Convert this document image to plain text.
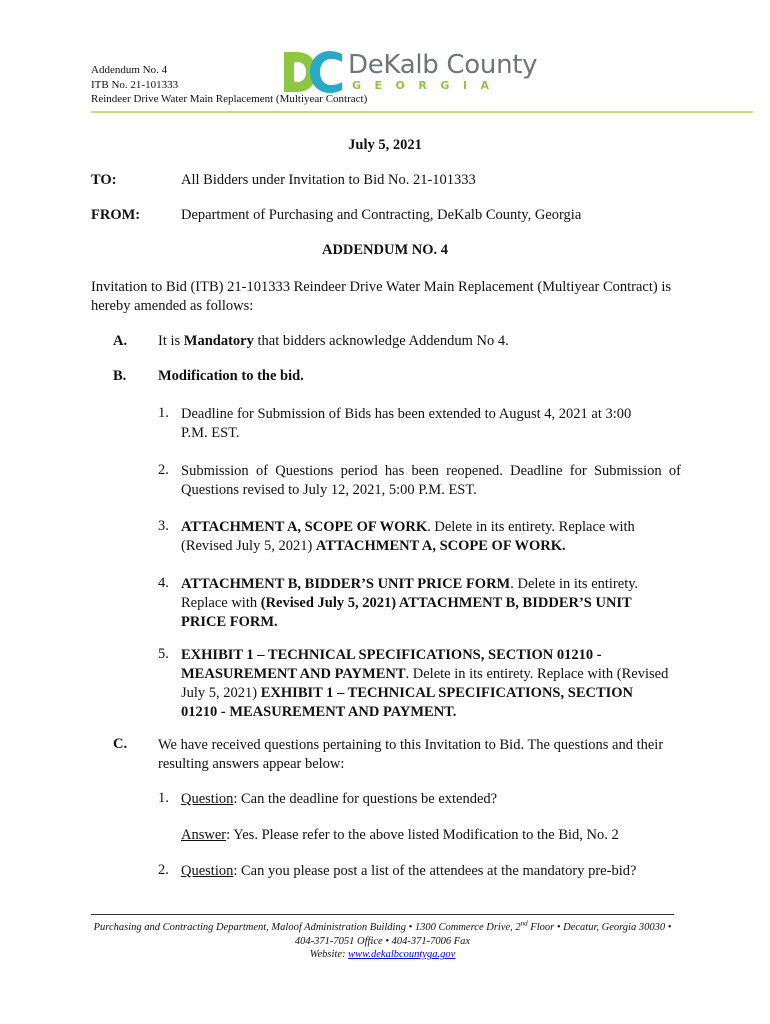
Addendum No. 4
ITB No. 21-101333
Reindeer Drive Water Main Replacement (Multiyear Contract)
DeKalb County
GEORGIA
July 5, 2021
TO:	All Bidders under Invitation to Bid No. 21-101333
FROM:	Department of Purchasing and Contracting, DeKalb County, Georgia
ADDENDUM NO. 4
Invitation to Bid (ITB) 21-101333 Reindeer Drive Water Main Replacement (Multiyear Contract) is hereby amended as follows:
A. It is Mandatory that bidders acknowledge Addendum No 4.
B. Modification to the bid.
1. Deadline for Submission of Bids has been extended to August 4, 2021 at 3:00 P.M. EST.
2. Submission of Questions period has been reopened. Deadline for Submission of Questions revised to July 12, 2021, 5:00 P.M. EST.
3. ATTACHMENT A, SCOPE OF WORK. Delete in its entirety. Replace with (Revised July 5, 2021) ATTACHMENT A, SCOPE OF WORK.
4. ATTACHMENT B, BIDDER’S UNIT PRICE FORM. Delete in its entirety. Replace with (Revised July 5, 2021) ATTACHMENT B, BIDDER’S UNIT PRICE FORM.
5. EXHIBIT 1 – TECHNICAL SPECIFICATIONS, SECTION 01210 - MEASUREMENT AND PAYMENT. Delete in its entirety. Replace with (Revised July 5, 2021) EXHIBIT 1 – TECHNICAL SPECIFICATIONS, SECTION 01210 - MEASUREMENT AND PAYMENT.
C. We have received questions pertaining to this Invitation to Bid. The questions and their resulting answers appear below:
1. Question: Can the deadline for questions be extended?
Answer: Yes. Please refer to the above listed Modification to the Bid, No. 2
2. Question: Can you please post a list of the attendees at the mandatory pre-bid?
Purchasing and Contracting Department, Maloof Administration Building • 1300 Commerce Drive, 2nd Floor • Decatur, Georgia 30030 •
404-371-7051 Office • 404-371-7006 Fax
Website: www.dekalbcountyga.gov
